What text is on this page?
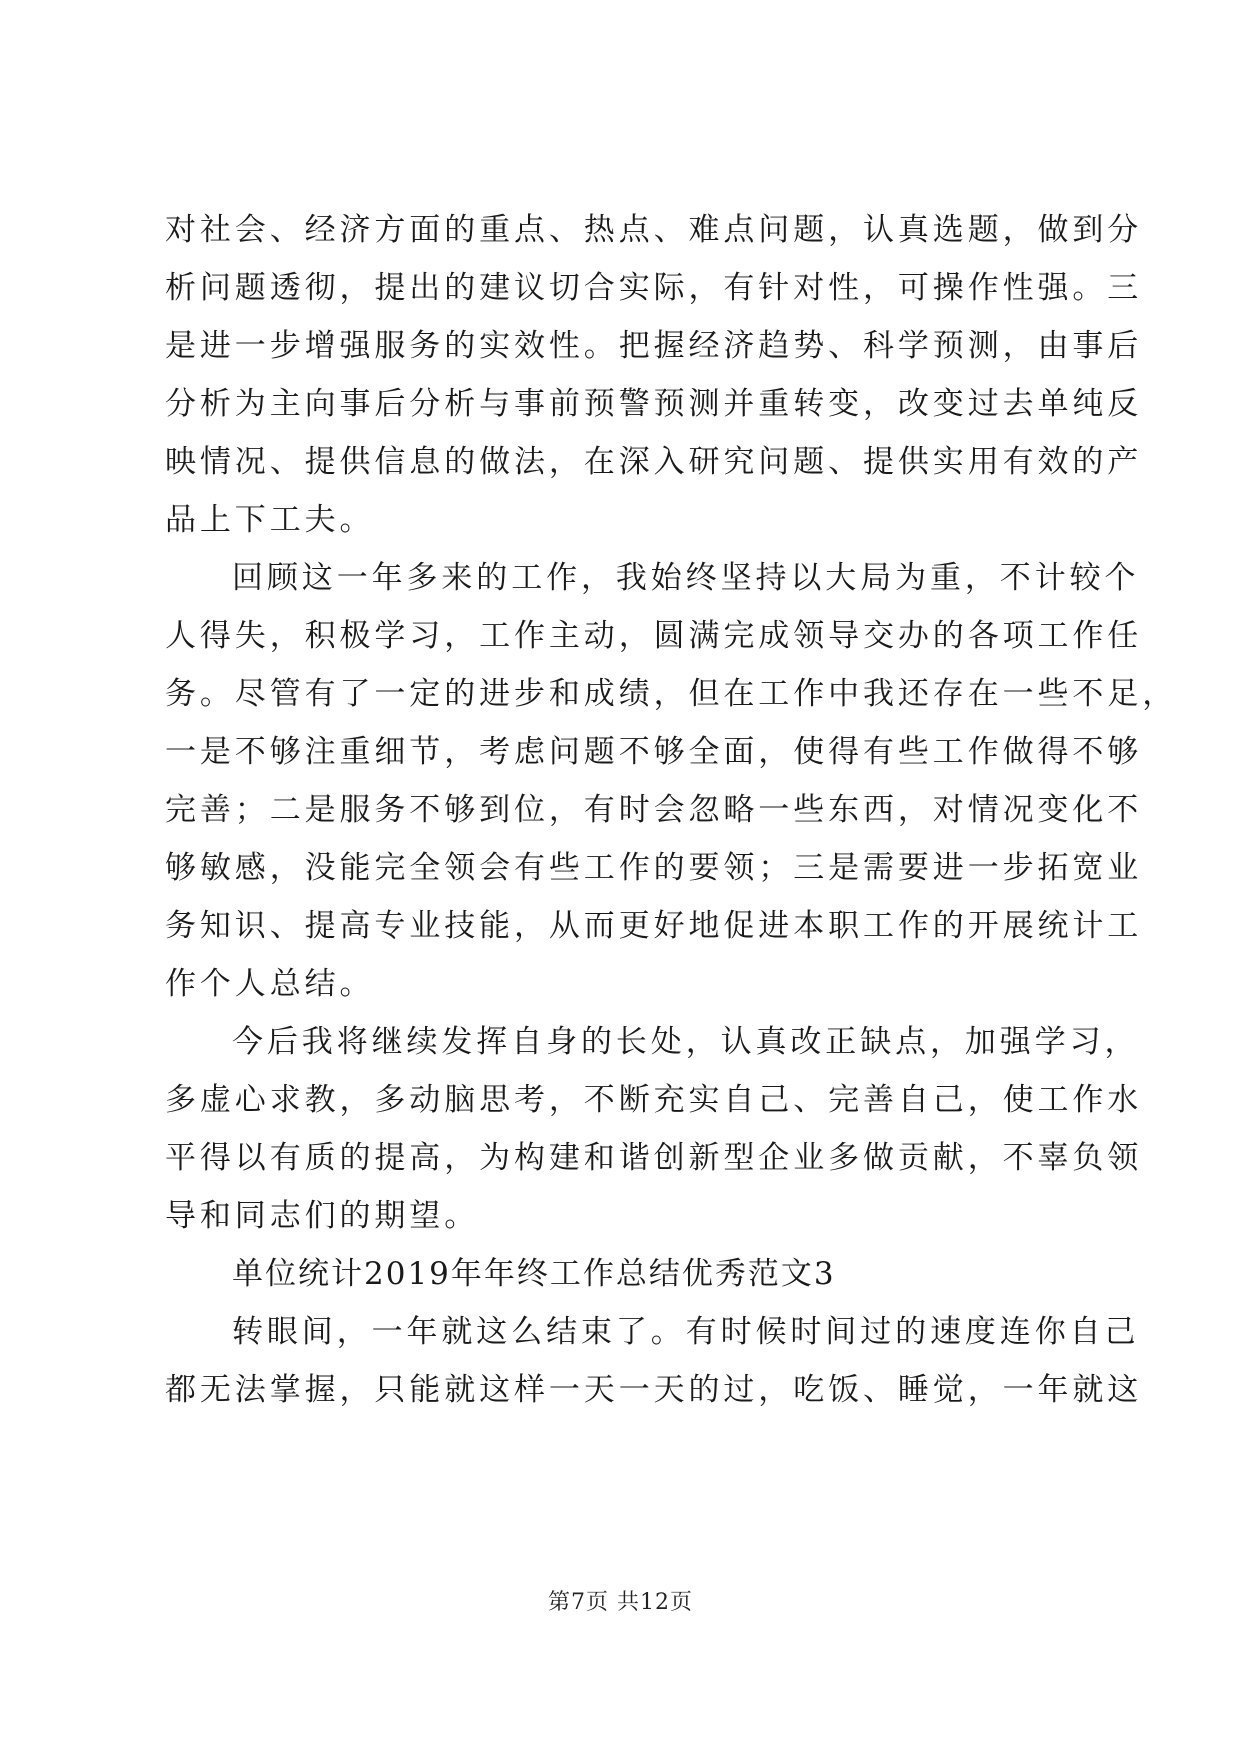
对社会、经济方面的重点、热点、难点问题，认真选题，做到分
析问题透彻，提出的建议切合实际，有针对性，可操作性强。三
是进一步增强服务的实效性。把握经济趋势、科学预测，由事后
分析为主向事后分析与事前预警预测并重转变，改变过去单纯反
映情况、提供信息的做法，在深入研究问题、提供实用有效的产
品上下工夫。
回顾这一年多来的工作，我始终坚持以大局为重，不计较个
人得失，积极学习，工作主动，圆满完成领导交办的各项工作任
务。尽管有了一定的进步和成绩，但在工作中我还存在一些不足，
一是不够注重细节，考虑问题不够全面，使得有些工作做得不够
完善；二是服务不够到位，有时会忽略一些东西，对情况变化不
够敏感，没能完全领会有些工作的要领；三是需要进一步拓宽业
务知识、提高专业技能，从而更好地促进本职工作的开展统计工
作个人总结。
今后我将继续发挥自身的长处，认真改正缺点，加强学习，
多虚心求教，多动脑思考，不断充实自己、完善自己，使工作水
平得以有质的提高，为构建和谐创新型企业多做贡献，不辜负领
导和同志们的期望。
单位统计2019年年终工作总结优秀范文3
转眼间，一年就这么结束了。有时候时间过的速度连你自己
都无法掌握，只能就这样一天一天的过，吃饭、睡觉，一年就这
第7页 共12页
